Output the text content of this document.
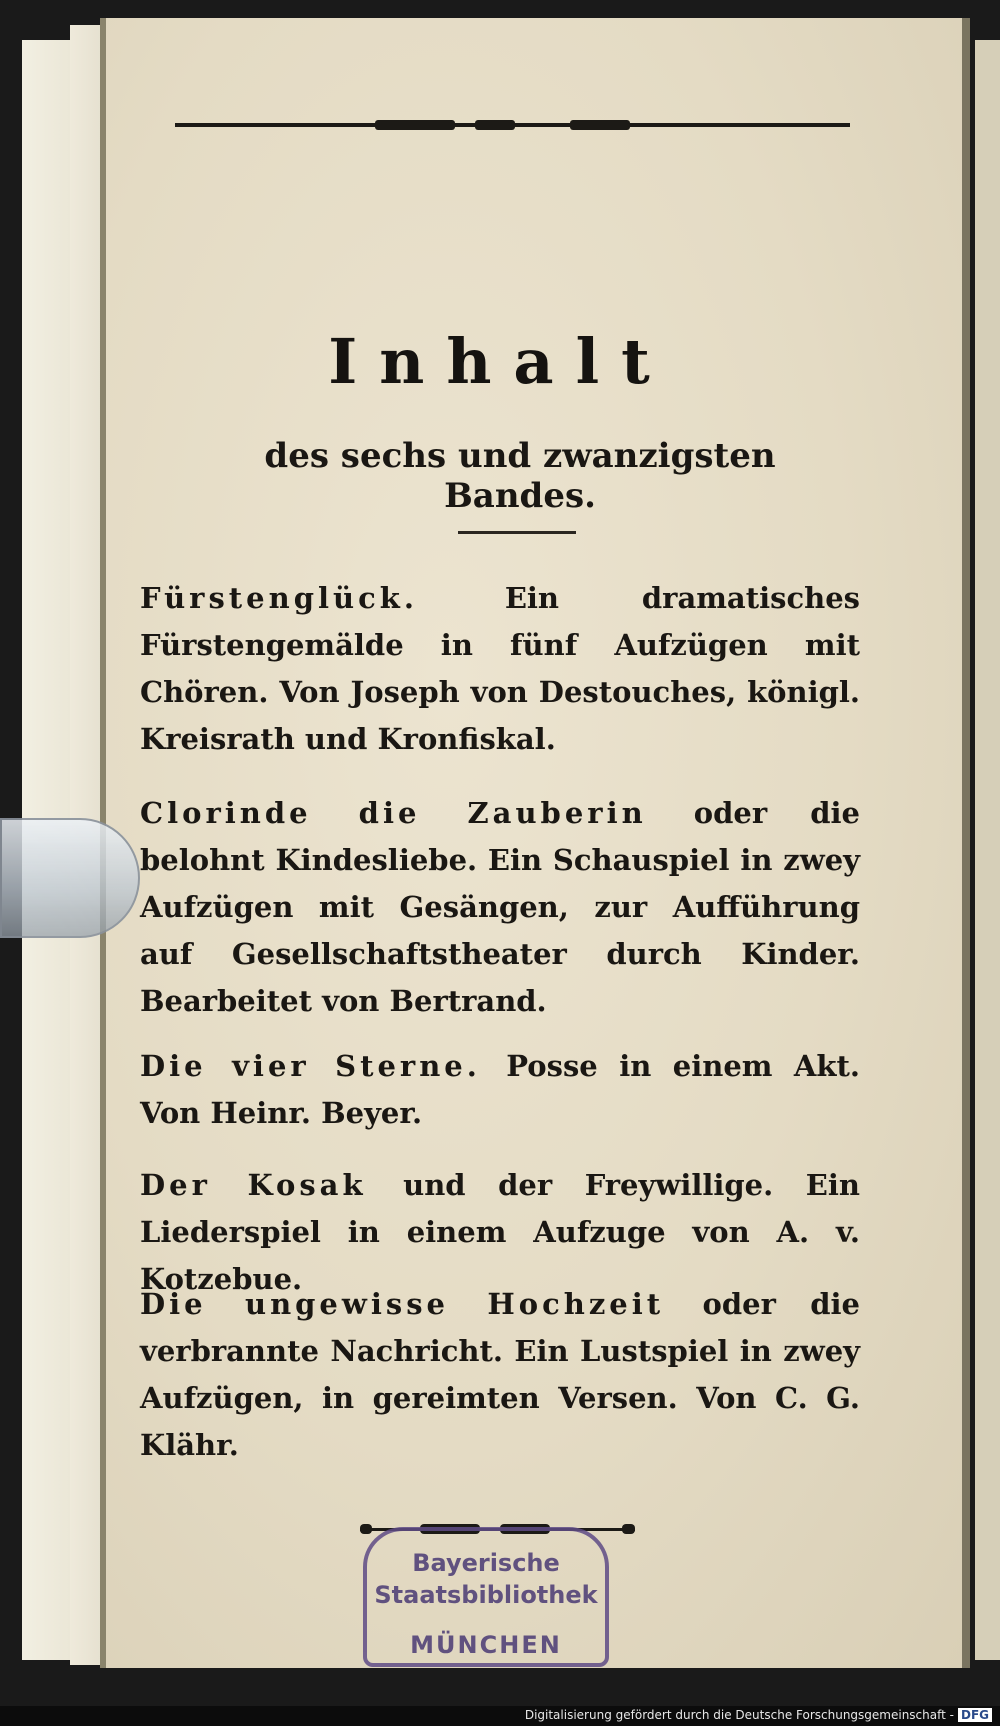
Inhalt
des sechs und zwanzigsten Bandes.
Fürstenglück. Ein dramatisches Fürstengemälde in fünf Aufzügen mit Chören. Von Joseph von Destouches, königl. Kreisrath und Kronfiskal.
Clorinde die Zauberin oder die belohnt Kindesliebe. Ein Schauspiel in zwey Aufzügen mit Gesängen, zur Aufführung auf Gesellschaftstheater durch Kinder. Bearbeitet von Bertrand.
Die vier Sterne. Posse in einem Akt. Von Heinr. Beyer.
Der Kosak und der Freywillige. Ein Liederspiel in einem Aufzuge von A. v. Kotzebue.
Die ungewisse Hochzeit oder die verbrannte Nachricht. Ein Lustspiel in zwey Aufzügen, in gereimten Versen. Von C. G. Klähr.
Bayerische
Staatsbibliothek
MÜNCHEN
Digitalisierung gefördert durch die Deutsche Forschungsgemeinschaft - DFG
